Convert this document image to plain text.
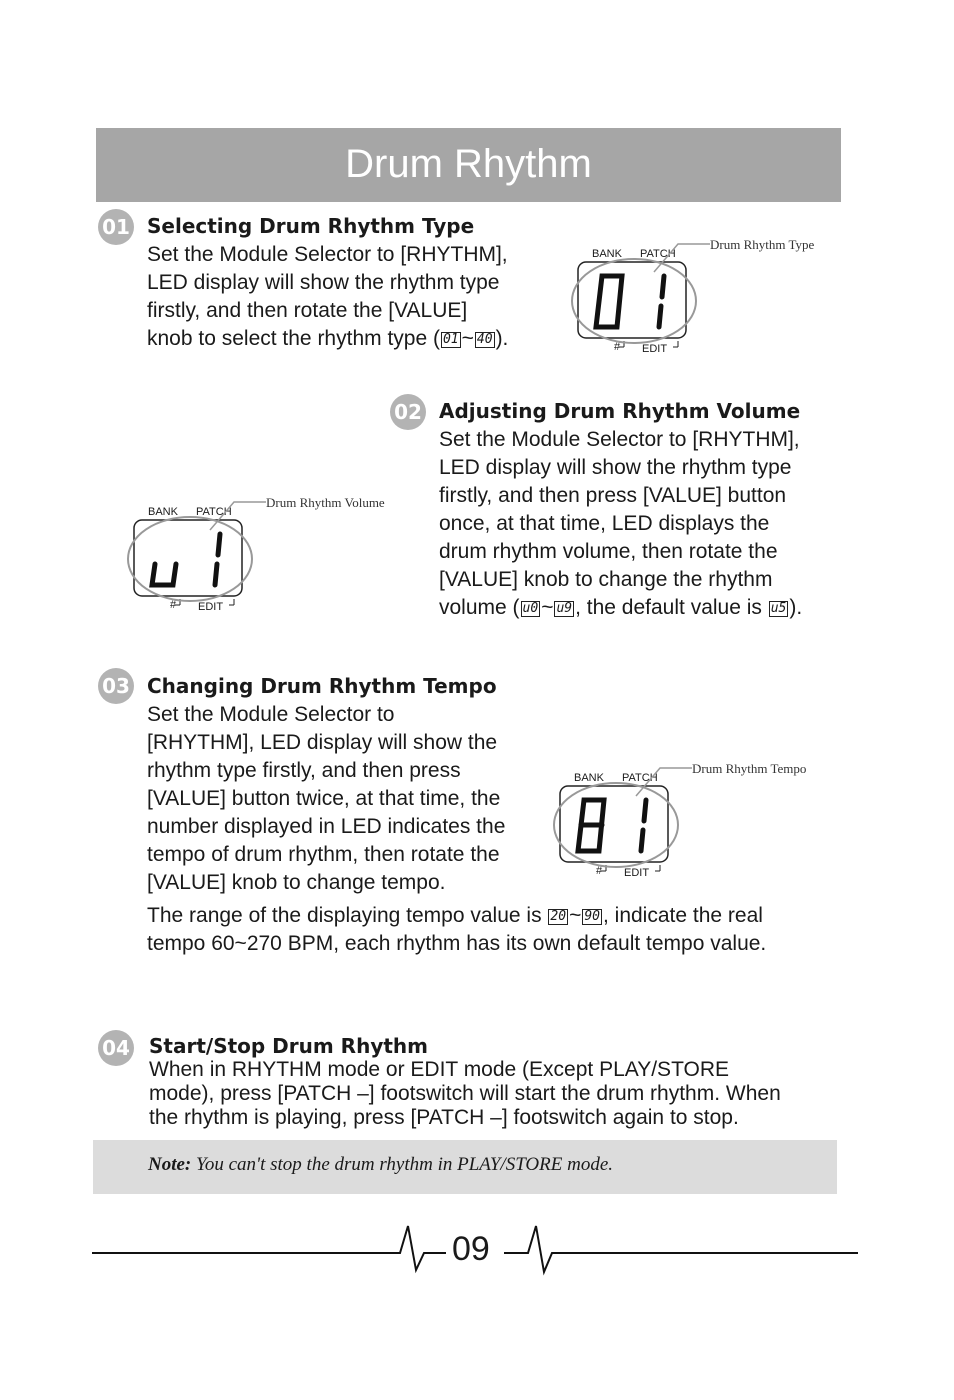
Drum Rhythm
01 Selecting Drum Rhythm Type
Set the Module Selector to [RHYTHM],
LED display will show the rhythm type
firstly, and then rotate the [VALUE]
knob to select the rhythm type ( 01 ~ 40 ).
BANK PATCH
# EDIT
Drum Rhythm Type
02 Adjusting Drum Rhythm Volume
Set the Module Selector to [RHYTHM],
LED display will show the rhythm type
firstly, and then press [VALUE] button
once, at that time, LED displays the
drum rhythm volume, then rotate the
[VALUE] knob to change the rhythm
volume ( u0 ~ u9 , the default value is u5 ).
BANK PATCH
# EDIT
Drum Rhythm Volume
03 Changing Drum Rhythm Tempo
Set the Module Selector to
[RHYTHM], LED display will show the
rhythm type firstly, and then press
[VALUE] button twice, at that time, the
number displayed in LED indicates the
tempo of drum rhythm, then rotate the
[VALUE] knob to change tempo.
The range of the displaying tempo value is 20 ~ 90 , indicate the real
tempo 60~270 BPM, each rhythm has its own default tempo value.
BANK PATCH
# EDIT
Drum Rhythm Tempo
04 Start/Stop Drum Rhythm
When in RHYTHM mode or EDIT mode (Except PLAY/STORE
mode), press [PATCH –] footswitch will start the drum rhythm. When
the rhythm is playing, press [PATCH –] footswitch again to stop.
Note: You can't stop the drum rhythm in PLAY/STORE mode.
09
